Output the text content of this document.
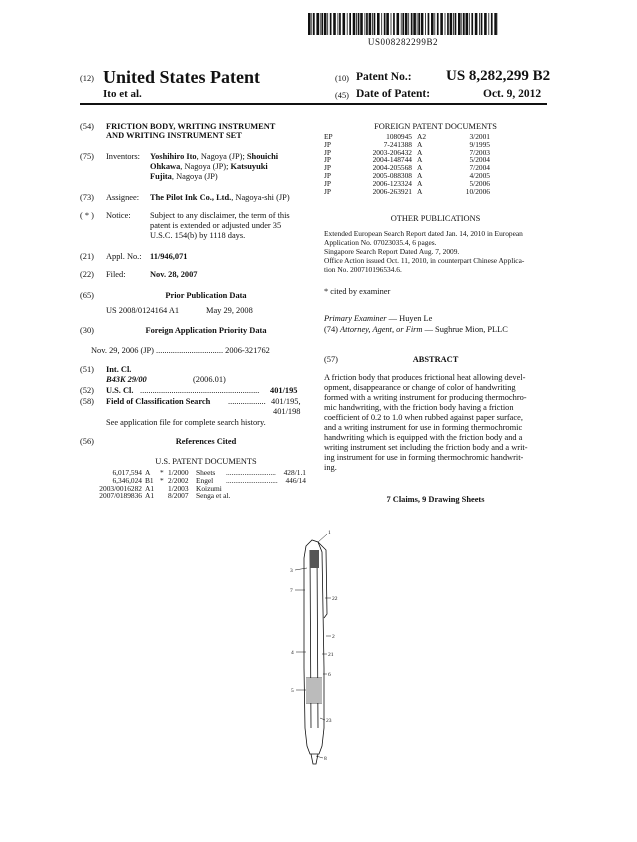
US008282299B2
(12) United States Patent
Ito et al.
(10) Patent No.: US 8,282,299 B2
(45) Date of Patent:	Oct. 9, 2012
(54) FRICTION BODY, WRITING INSTRUMENT
AND WRITING INSTRUMENT SET
(75) Inventors: Yoshihiro Ito, Nagoya (JP); Shouichi
Ohkawa, Nagoya (JP); Katsuyuki
Fujita, Nagoya (JP)
(73) Assignee: The Pilot Ink Co., Ltd., Nagoya-shi (JP)
( * ) Notice: Subject to any disclaimer, the term of this
patent is extended or adjusted under 35
U.S.C. 154(b) by 1118 days.
(21) Appl. No.: 11/946,071
(22) Filed:	Nov. 28, 2007
(65)	Prior Publication Data
US 2008/0124164 A1	May 29, 2008
(30)	Foreign Application Priority Data
Nov. 29, 2006 (JP) ................................ 2006-321762
(51) Int. Cl.
B43K 29/00	(2006.01)
(52) U.S. Cl. .........................................................	401/195
(58) Field of Classification Search .................. 401/195,
401/198
See application file for complete search history.
(56)	References Cited
U.S. PATENT DOCUMENTS
6,017,594 A	* 1/2000	Sheets	...........................	428/1.1
6,346,024 B1 * 2/2002	Engel	............................	446/14
2003/0016282 A1	1/2003	Koizumi
2007/0189836 A1	8/2007	Senga et al.
FOREIGN PATENT DOCUMENTS
EP	1080945 A2	3/2001
JP	7-241388 A	9/1995
JP	2003-206432 A	7/2003
JP	2004-148744 A	5/2004
JP	2004-205568 A	7/2004
JP	2005-088308 A	4/2005
JP	2006-123324 A	5/2006
JP	2006-263921 A	10/2006
OTHER PUBLICATIONS
Extended European Search Report dated Jan. 14, 2010 in European
Application No. 07023035.4, 6 pages.
Singapore Search Report Dated Aug. 7, 2009.
Office Action issued Oct. 11, 2010, in counterpart Chinese Applica-
tion No. 200710196534.6.
* cited by examiner
Primary Examiner — Huyen Le
(74) Attorney, Agent, or Firm — Sughrue Mion, PLLC
(57)	ABSTRACT
A friction body that produces frictional heat allowing devel-
opment, disappearance or change of color of handwriting
formed with a writing instrument for producing thermochro-
mic handwriting, with the friction body having a friction
coefficient of 0.2 to 1.0 when rubbed against paper surface,
and a writing instrument for use in forming thermochromic
handwriting which is equipped with the friction body and a
writing instrument set including the friction body and a writ-
ing instrument for use in forming thermochromic handwrit-
ing.
7 Claims, 9 Drawing Sheets
1
3
7
22
2
4	21
6
5
23
8
